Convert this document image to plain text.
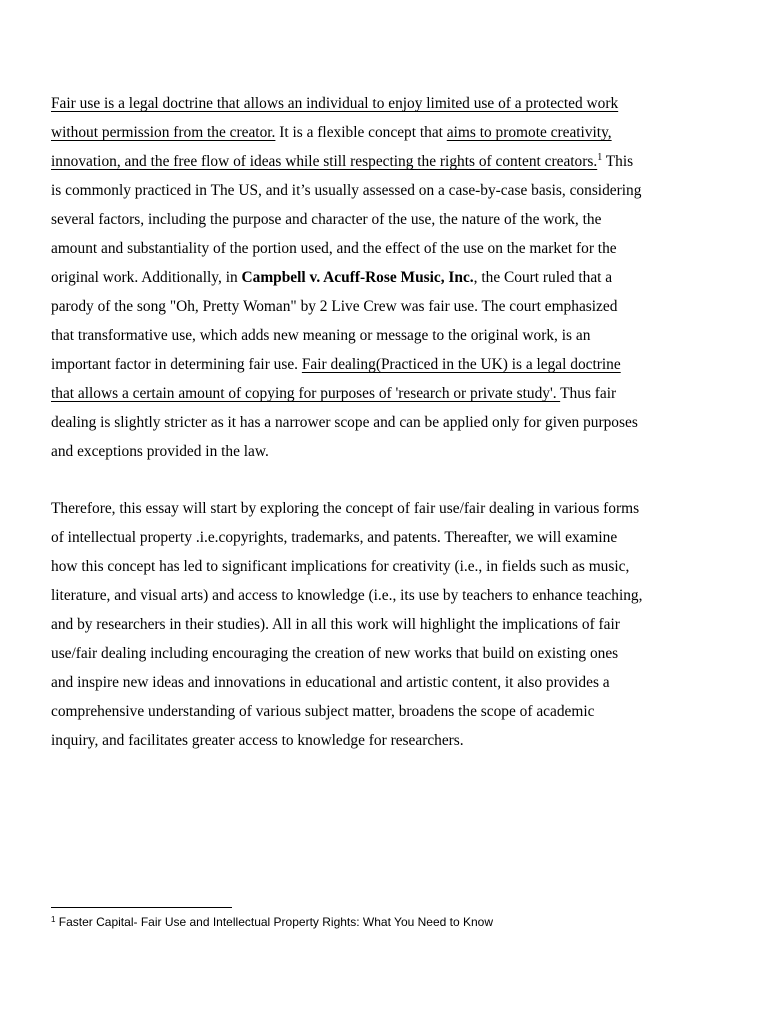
Fair use is a legal doctrine that allows an individual to enjoy limited use of a protected work
without permission from the creator. It is a flexible concept that aims to promote creativity,
innovation, and the free flow of ideas while still respecting the rights of content creators.$^1$ This
is commonly practiced in The US, and it’s usually assessed on a case-by-case basis, considering
several factors, including the purpose and character of the use, the nature of the work, the
amount and substantiality of the portion used, and the effect of the use on the market for the
original work. Additionally, in Campbell v. Acuff-Rose Music, Inc., the Court ruled that a
parody of the song "Oh, Pretty Woman" by 2 Live Crew was fair use. The court emphasized
that transformative use, which adds new meaning or message to the original work, is an
important factor in determining fair use. Fair dealing(Practiced in the UK) is a legal doctrine
that allows a certain amount of copying for purposes of 'research or private study'. Thus fair
dealing is slightly stricter as it has a narrower scope and can be applied only for given purposes
and exceptions provided in the law.
Therefore, this essay will start by exploring the concept of fair use/fair dealing in various forms
of intellectual property .i.e.copyrights, trademarks, and patents. Thereafter, we will examine
how this concept has led to significant implications for creativity (i.e., in fields such as music,
literature, and visual arts) and access to knowledge (i.e., its use by teachers to enhance teaching,
and by researchers in their studies). All in all this work will highlight the implications of fair
use/fair dealing including encouraging the creation of new works that build on existing ones
and inspire new ideas and innovations in educational and artistic content, it also provides a
comprehensive understanding of various subject matter, broadens the scope of academic
inquiry, and facilitates greater access to knowledge for researchers.
$^1$ Faster Capital- Fair Use and Intellectual Property Rights: What You Need to Know
